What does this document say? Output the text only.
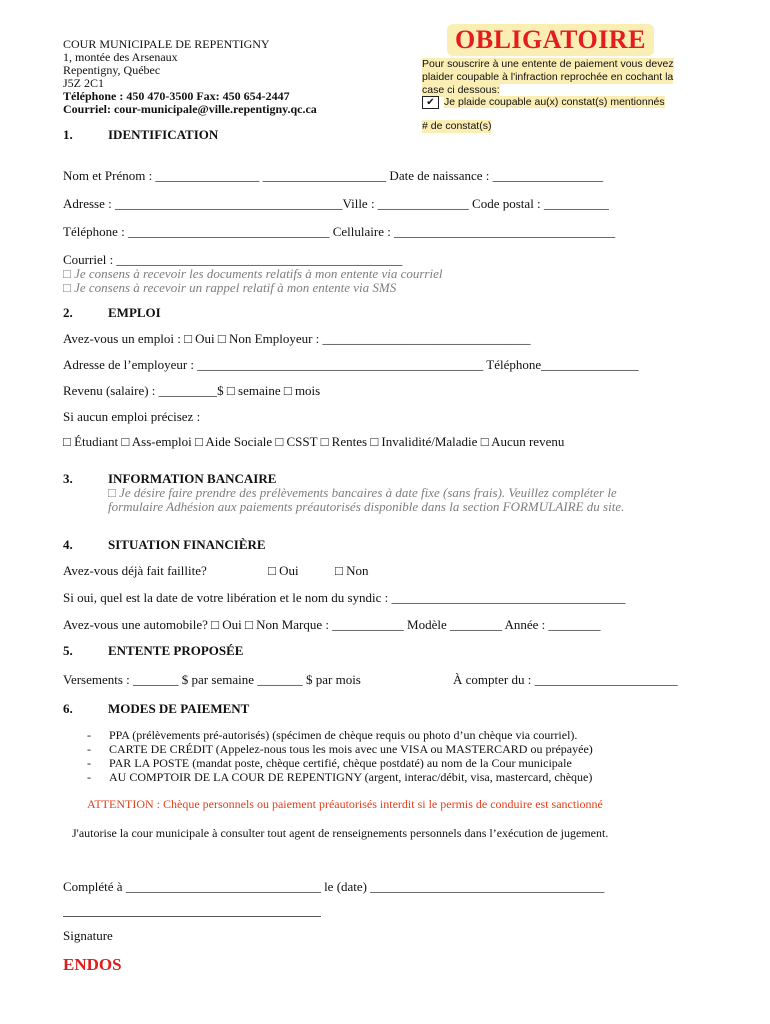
COUR MUNICIPALE DE REPENTIGNY
1, montée des Arsenaux
Repentigny, Québec
J5Z 2C1
Téléphone : 450 470-3500 Fax: 450 654-2447
Courriel: cour-municipale@ville.repentigny.qc.ca
OBLIGATOIRE
Pour souscrire à une entente de paiement vous devez
plaider coupable à l'infraction reprochée en cochant la
case ci dessous:
✔ Je plaide coupable au(x) constat(s) mentionnés
# de constat(s)
1.	IDENTIFICATION
Nom et Prénom : ________________ ___________________ Date de naissance : _________________
Adresse : ___________________________________Ville : ______________ Code postal : __________
Téléphone : _______________________________ Cellulaire : __________________________________
Courriel : ____________________________________________
□ Je consens à recevoir les documents relatifs à mon entente via courriel
□ Je consens à recevoir un rappel relatif à mon entente via SMS
2.	EMPLOI
Avez-vous un emploi : □ Oui □ Non Employeur : ________________________________
Adresse de l’employeur : ____________________________________________ Téléphone_______________
Revenu (salaire) : _________$ □ semaine □ mois
Si aucun emploi précisez :
□ Étudiant □ Ass-emploi □ Aide Sociale □ CSST □ Rentes □ Invalidité/Maladie □ Aucun revenu
3.	INFORMATION BANCAIRE
□ Je désire faire prendre des prélèvements bancaires à date fixe (sans frais). Veuillez compléter le
formulaire Adhésion aux paiements préautorisés disponible dans la section FORMULAIRE du site.
4.	SITUATION FINANCIÈRE
Avez-vous déjà fait faillite?	□ Oui	□ Non
Si oui, quel est la date de votre libération et le nom du syndic : ____________________________________
Avez-vous une automobile? □ Oui □ Non Marque : ___________ Modèle ________ Année : ________
5.	ENTENTE PROPOSÉE
Versements : _______ $ par semaine _______ $ par mois	À compter du : ______________________
6.	MODES DE PAIEMENT
- PPA (prélèvements pré-autorisés) (spécimen de chèque requis ou photo d’un chèque via courriel).
- CARTE DE CRÉDIT (Appelez-nous tous les mois avec une VISA ou MASTERCARD ou prépayée)
- PAR LA POSTE (mandat poste, chèque certifié, chèque postdaté) au nom de la Cour municipale
- AU COMPTOIR DE LA COUR DE REPENTIGNY (argent, interac/débit, visa, mastercard, chèque)
ATTENTION : Chèque personnels ou paiement préautorisés interdit si le permis de conduire est sanctionné
J'autorise la cour municipale à consulter tout agent de renseignements personnels dans l’exécution de jugement.
Complété à ______________________________ le (date) ____________________________________
Signature
ENDOS
